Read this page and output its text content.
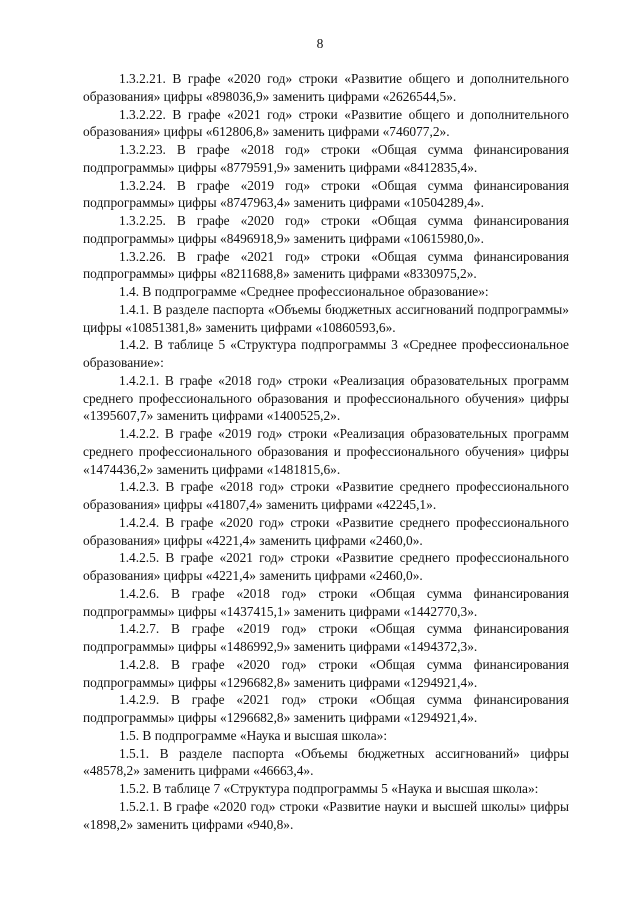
8

1.3.2.21. В графе «2020 год» строки «Развитие общего и дополнительного образования» цифры «898036,9» заменить цифрами «2626544,5».

1.3.2.22. В графе «2021 год» строки «Развитие общего и дополнительного образования» цифры «612806,8» заменить цифрами «746077,2».

1.3.2.23. В графе «2018 год» строки «Общая сумма финансирования подпрограммы» цифры «8779591,9» заменить цифрами «8412835,4».

1.3.2.24. В графе «2019 год» строки «Общая сумма финансирования подпрограммы» цифры «8747963,4» заменить цифрами «10504289,4».

1.3.2.25. В графе «2020 год» строки «Общая сумма финансирования подпрограммы» цифры «8496918,9» заменить цифрами «10615980,0».

1.3.2.26. В графе «2021 год» строки «Общая сумма финансирования подпрограммы» цифры «8211688,8» заменить цифрами «8330975,2».

1.4. В подпрограмме «Среднее профессиональное образование»:

1.4.1. В разделе паспорта «Объемы бюджетных ассигнований подпрограммы» цифры «10851381,8» заменить цифрами «10860593,6».

1.4.2. В таблице 5 «Структура подпрограммы 3 «Среднее профессиональное образование»:

1.4.2.1. В графе «2018 год» строки «Реализация образовательных программ среднего профессионального образования и профессионального обучения» цифры «1395607,7» заменить цифрами «1400525,2».

1.4.2.2. В графе «2019 год» строки «Реализация образовательных программ среднего профессионального образования и профессионального обучения» цифры «1474436,2» заменить цифрами «1481815,6».

1.4.2.3. В графе «2018 год» строки «Развитие среднего профессионального образования» цифры «41807,4» заменить цифрами «42245,1».

1.4.2.4. В графе «2020 год» строки «Развитие среднего профессионального образования» цифры «4221,4» заменить цифрами «2460,0».

1.4.2.5. В графе «2021 год» строки «Развитие среднего профессионального образования» цифры «4221,4» заменить цифрами «2460,0».

1.4.2.6. В графе «2018 год» строки «Общая сумма финансирования подпрограммы» цифры «1437415,1» заменить цифрами «1442770,3».

1.4.2.7. В графе «2019 год» строки «Общая сумма финансирования подпрограммы» цифры «1486992,9» заменить цифрами «1494372,3».

1.4.2.8. В графе «2020 год» строки «Общая сумма финансирования подпрограммы» цифры «1296682,8» заменить цифрами «1294921,4».

1.4.2.9. В графе «2021 год» строки «Общая сумма финансирования подпрограммы» цифры «1296682,8» заменить цифрами «1294921,4».

1.5. В подпрограмме «Наука и высшая школа»:

1.5.1. В разделе паспорта «Объемы бюджетных ассигнований» цифры «48578,2» заменить цифрами «46663,4».

1.5.2. В таблице 7 «Структура подпрограммы 5 «Наука и высшая школа»:

1.5.2.1. В графе «2020 год» строки «Развитие науки и высшей школы» цифры «1898,2» заменить цифрами «940,8».
